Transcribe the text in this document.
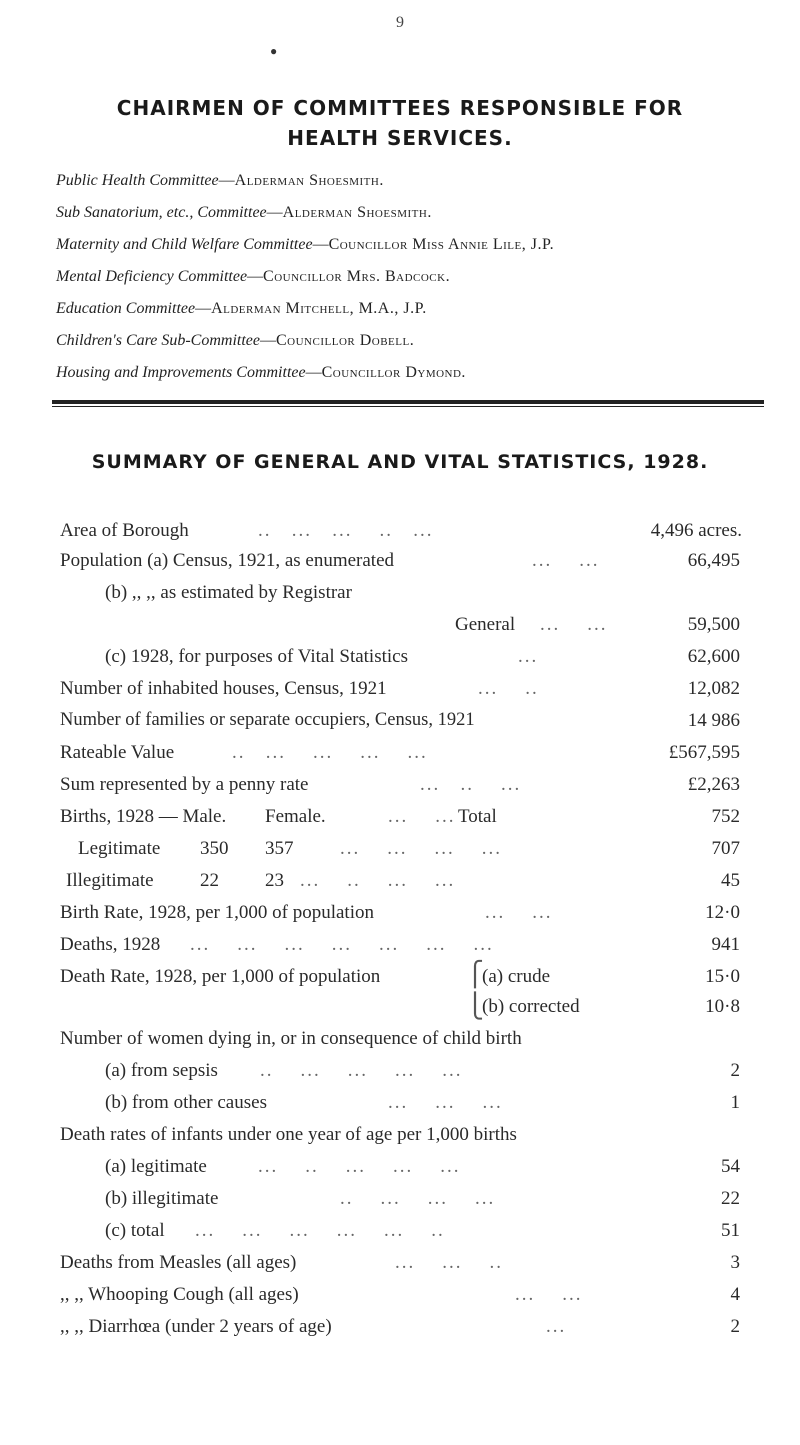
9
●
CHAIRMEN OF COMMITTEES RESPONSIBLE FOR
HEALTH SERVICES.
Public Health Committee—Alderman Shoesmith.
Sub Sanatorium, etc., Committee—Alderman Shoesmith.
Maternity and Child Welfare Committee—Councillor Miss Annie Lile, J.P.
Mental Deficiency Committee—Councillor Mrs. Badcock.
Education Committee—Alderman Mitchell, M.A., J.P.
Children's Care Sub-Committee—Councillor Dobell.
Housing and Improvements Committee—Councillor Dymond.
SUMMARY OF GENERAL AND VITAL STATISTICS, 1928.
Area of Borough	..   ...   ...    ..   ...	4,496 acres.
Population (a) Census, 1921, as enumerated	...    ...	66,495
(b) ,, ,, as estimated by Registrar
General ...    ...	59,500
(c) 1928, for purposes of Vital Statistics	...	62,600
Number of inhabited houses, Census, 1921	...    ..	12,082
Number of families or separate occupiers, Census, 1921	14 986
Rateable Value	..   ...    ...    ...    ...	£567,595
Sum represented by a penny rate	...   ..    ...	£2,263
Births, 1928 — Male. Female.	...    ... Total	752
Legitimate 350 357 ...    ...    ...    ...	707
Illegitimate 22 23 ...    ..    ...    ...	45
Birth Rate, 1928, per 1,000 of population	...    ...	12·0
Deaths, 1928 ...    ...    ...    ...    ...    ...    ...	941
Death Rate, 1928, per 1,000 of population	⎧
(a) crude	15·0
⎩
(b) corrected	10·8
Number of women dying in, or in consequence of child birth
(a) from sepsis ..    ...    ...    ...    ...	2
(b) from other causes	...    ...    ...	1
Death rates of infants under one year of age per 1,000 births
(a) legitimate	...    ..    ...    ...    ...	54
(b) illegitimate	..    ...    ...    ...	22
(c) total ...    ...    ...    ...    ...    ..	51
Deaths from Measles (all ages)	...    ...    ..	3
,, ,, Whooping Cough (all ages)	...    ...	4
,, ,, Diarrhœa (under 2 years of age)	...	2
